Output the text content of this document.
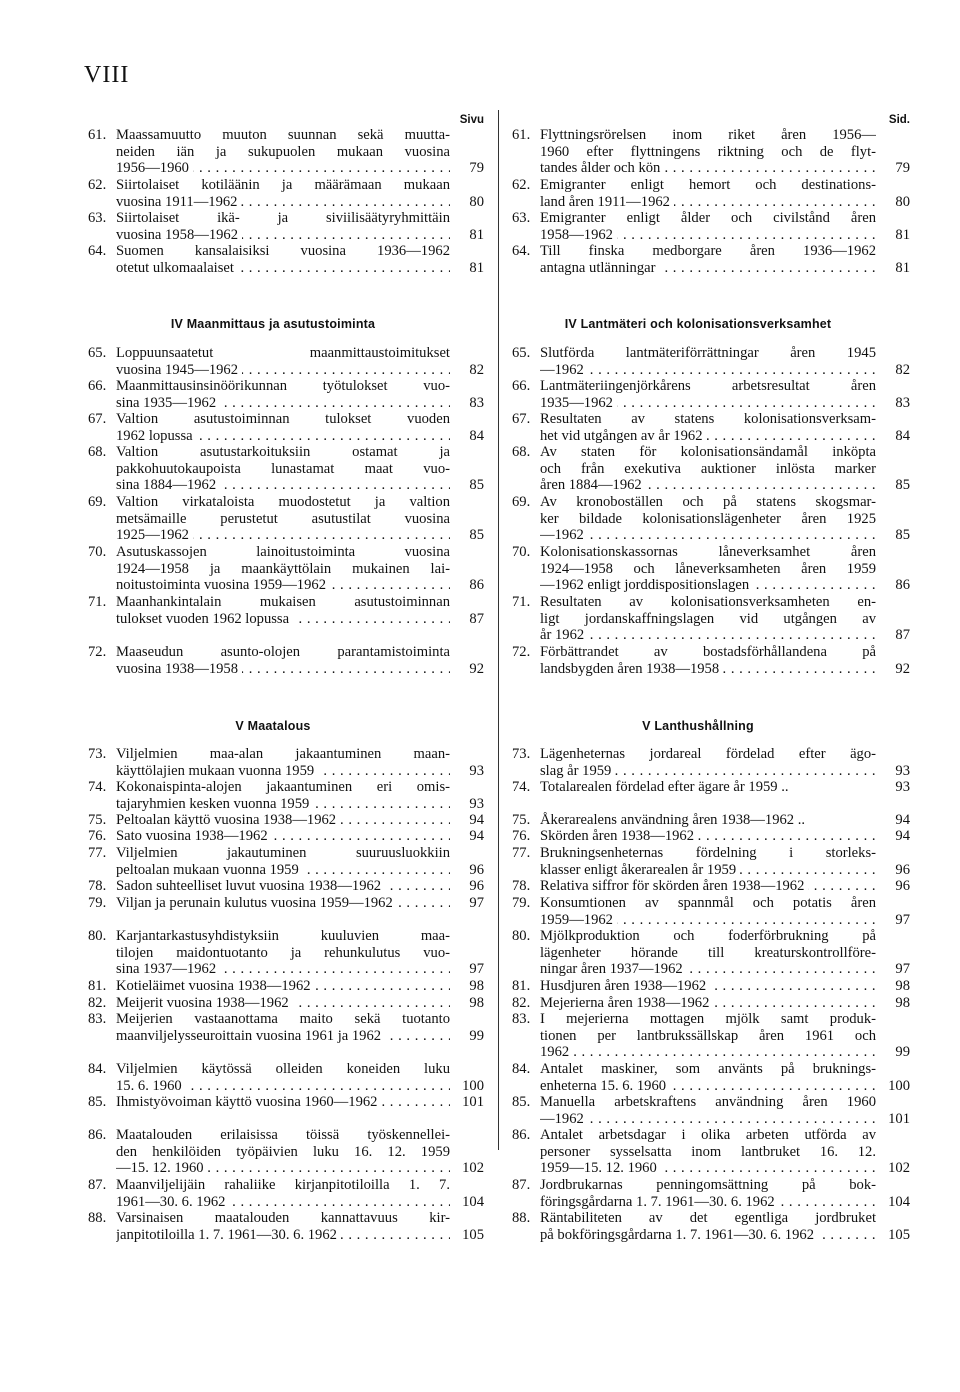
VIII
Sivu
61. Maassamuutto muuton suunnan sekä muutta-
neiden iän ja sukupuolen mukaan vuosina
1956—1960 . . .	79
62. Siirtolaiset kotiläänin ja määrämaan mukaan
vuosina 1911—1962 . . .	80
63. Siirtolaiset ikä- ja siviilisäätyryhmittäin
vuosina 1958—1962 . . .	81
64. Suomen kansalaisiksi vuosina 1936—1962
otetut ulkomaalaiset . . .	81
IV Maanmittaus ja asutustoiminta
65. Loppuunsaatetut maanmittaustoimitukset
vuosina 1945—1962 . . .	82
66. Maanmittausinsinöörikunnan työtulokset vuo-
sina 1935—1962 . . .	83
67. Valtion asutustoiminnan tulokset vuoden
1962 lopussa . . .	84
68. Valtion asutustarkoituksiin ostamat ja
pakkohuutokaupoista lunastamat maat vuo-
sina 1884—1962 . . .	85
69. Valtion virkataloista muodostetut ja valtion
metsämaille perustetut asutustilat vuosina
1925—1962 . . .	85
70. Asutuskassojen lainoitustoiminta vuosina
1924—1958 ja maankäyttölain mukainen lai-
noitustoiminta vuosina 1959—1962 . . .	86
71. Maanhankintalain mukaisen asutustoiminnan
tulokset vuoden 1962 lopussa . . .	87
72. Maaseudun asunto-olojen parantamistoiminta
vuosina 1938—1958 . . .	92
V Maatalous
73. Viljelmien maa-alan jakaantuminen maan-
käyttölajien mukaan vuonna 1959 . . .	93
74. Kokonaispinta-alojen jakaantuminen eri omis-
tajaryhmien kesken vuonna 1959 . . .	93
75. Peltoalan käyttö vuosina 1938—1962 . . .	94
76. Sato vuosina 1938—1962 . . .	94
77. Viljelmien jakautuminen suuruusluokkiin
peltoalan mukaan vuonna 1959 . . .	96
78. Sadon suhteelliset luvut vuosina 1938—1962 . . .	96
79. Viljan ja perunain kulutus vuosina 1959—1962 . . .	97
80. Karjantarkastusyhdistyksiin kuuluvien maa-
tilojen maidontuotanto ja rehunkulutus vuo-
sina 1937—1962 . . .	97
81. Kotieläimet vuosina 1938—1962 . . .	98
82. Meijerit vuosina 1938—1962 . . .	98
83. Meijerien vastaanottama maito sekä tuotanto
maanviljelysseuroittain vuosina 1961 ja 1962 . . .	99
84. Viljelmien käytössä olleiden koneiden luku
15. 6. 1960 . . .	100
85. Ihmistyövoiman käyttö vuosina 1960—1962 . . .	101
86. Maatalouden erilaisissa töissä työskennellei-
den henkilöiden työpäivien luku 16. 12. 1959
—15. 12. 1960 . . .	102
87. Maanviljelijäin rahaliike kirjanpitotiloilla 1. 7.
1961—30. 6. 1962 . . .	104
88. Varsinaisen maatalouden kannattavuus kir-
janpitotiloilla 1. 7. 1961—30. 6. 1962 . . .	105
Sid.
61. Flyttningsrörelsen inom riket åren 1956—
1960 efter flyttningens riktning och de flyt-
tandes ålder och kön . . .	79
62. Emigranter enligt hemort och destinations-
land åren 1911—1962 . . .	80
63. Emigranter enligt ålder och civilstånd åren
1958—1962 . . .	81
64. Till finska medborgare åren 1936—1962
antagna utlänningar . . .	81
IV Lantmäteri och kolonisationsverksamhet
65. Slutförda lantmäteriförrättningar åren 1945
—1962 . . .	82
66. Lantmäteriingenjörkårens arbetsresultat åren
1935—1962 . . .	83
67. Resultaten av statens kolonisationsverksam-
het vid utgången av år 1962 . . .	84
68. Av staten för kolonisationsändamål inköpta
och från exekutiva auktioner inlösta marker
åren 1884—1962 . . .	85
69. Av kronoboställen och på statens skogsmar-
ker bildade kolonisationslägenheter åren 1925
—1962 . . .	85
70. Kolonisationskassornas låneverksamhet åren
1924—1958 och låneverksamheten åren 1959
—1962 enligt jorddispositionslagen . . .	86
71. Resultaten av kolonisationsverksamheten en-
ligt jordanskaffningslagen vid utgången av
år 1962 . . .	87
72. Förbättrandet av bostadsförhållandena på
landsbygden åren 1938—1958 . . .	92
V Lanthushållning
73. Lägenheternas jordareal fördelad efter ägo-
slag år 1959 . . .	93
74. Totalarealen fördelad efter ägare år 1959 ..	93
75. Åkerarealens användning åren 1938—1962 ..	94
76. Skörden åren 1938—1962 . . .	94
77. Brukningsenheternas fördelning i storleks-
klasser enligt åkerarealen år 1959 . . .	96
78. Relativa siffror för skörden åren 1938—1962 . . .	96
79. Konsumtionen av spannmål och potatis åren
1959—1962 . . .	97
80. Mjölkproduktion och foderförbrukning på
lägenheter hörande till kreaturskontrollföre-
ningar åren 1937—1962 . . .	97
81. Husdjuren åren 1938—1962 . . .	98
82. Mejerierna åren 1938—1962 . . .	98
83. I mejerierna mottagen mjölk samt produk-
tionen per lantbrukssällskap åren 1961 och
1962 . . .	99
84. Antalet maskiner, som använts på bruknings-
enheterna 15. 6. 1960 . . .	100
85. Manuella arbetskraftens användning åren 1960
—1962 . . .	101
86. Antalet arbetsdagar i olika arbeten utförda av
personer sysselsatta inom lantbruket 16. 12.
1959—15. 12. 1960 . . .	102
87. Jordbrukarnas penningomsättning på bok-
föringsgårdarna 1. 7. 1961—30. 6. 1962 . . .	104
88. Räntabiliteten av det egentliga jordbruket
på bokföringsgårdarna 1. 7. 1961—30. 6. 1962 . . .	105
